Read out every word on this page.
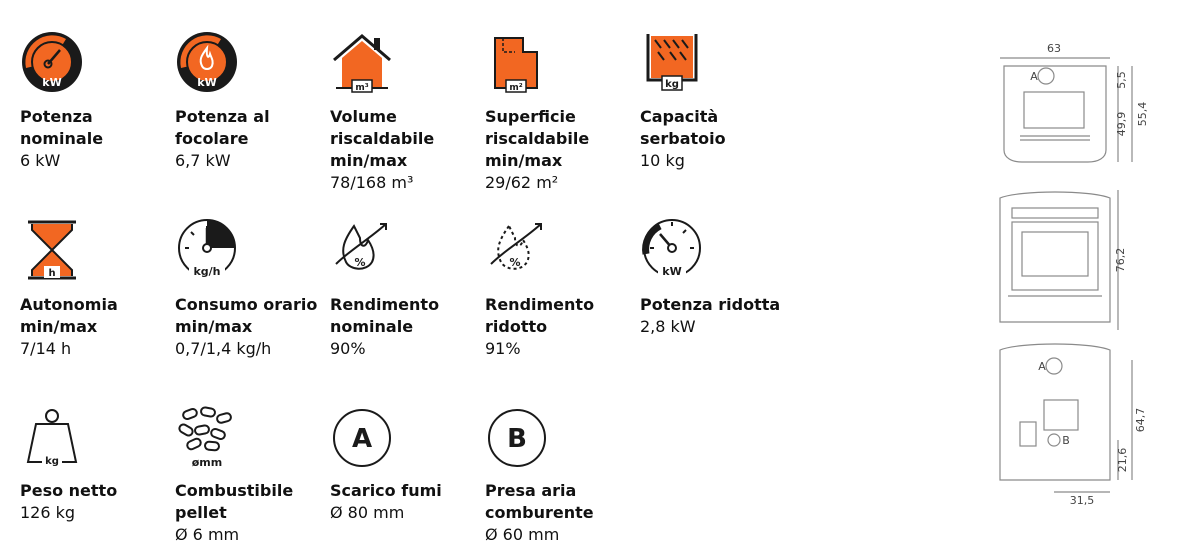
kW
Potenza nominale
6 kW
kW
Potenza al focolare
6,7 kW
m³
Volume riscaldabile min/max
78/168 m³
m²
Superficie riscaldabile min/max
29/62 m²
kg
Capacità serbatoio
10 kg
h
Autonomia min/max
7/14 h
kg/h
Consumo orario min/max
0,7/1,4 kg/h
%
Rendimento nominale
90%
%
Rendimento ridotto
91%
kW
Potenza ridotta
2,8 kW
kg
Peso netto
126 kg
ømm
Combustibile pellet
Ø 6 mm
A
Scarico fumi
Ø 80 mm
B
Presa aria comburente
Ø 60 mm
63
A	5,5
49,9 55,4
76,2
A
B
64,7
21,6
31,5
